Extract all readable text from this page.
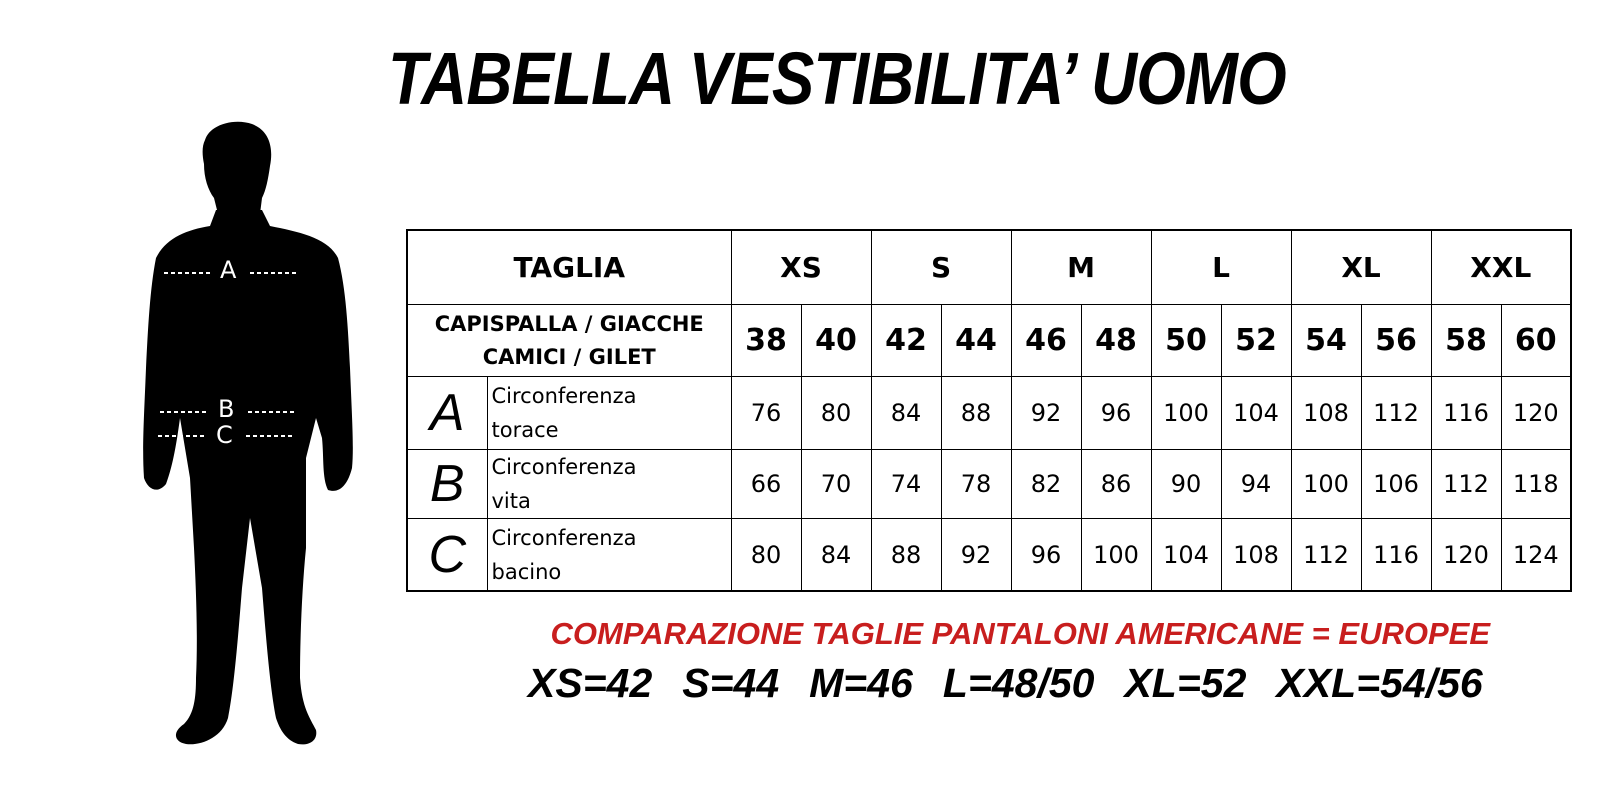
TABELLA VESTIBILITA’ UOMO
A
B
C
TAGLIA		XS		S		M		L		XL		XXL	

CAPISPALLA / GIACCHE
CAMICI / GILET		38	40	42	44	46	48	50	52	54	56	58	60
A	Circonferenza
torace	76	80	84	88	92	96	100	104	108	112	116	120
B	Circonferenza
vita	66	70	74	78	82	86	90	94	100	106	112	118
C	Circonferenza
bacino	80	84	88	92	96	100	104	108	112	116	120	124
COMPARAZIONE TAGLIE PANTALONI AMERICANE = EUROPEE
XS=42 S=44 M=46 L=48/50 XL=52 XXL=54/56
